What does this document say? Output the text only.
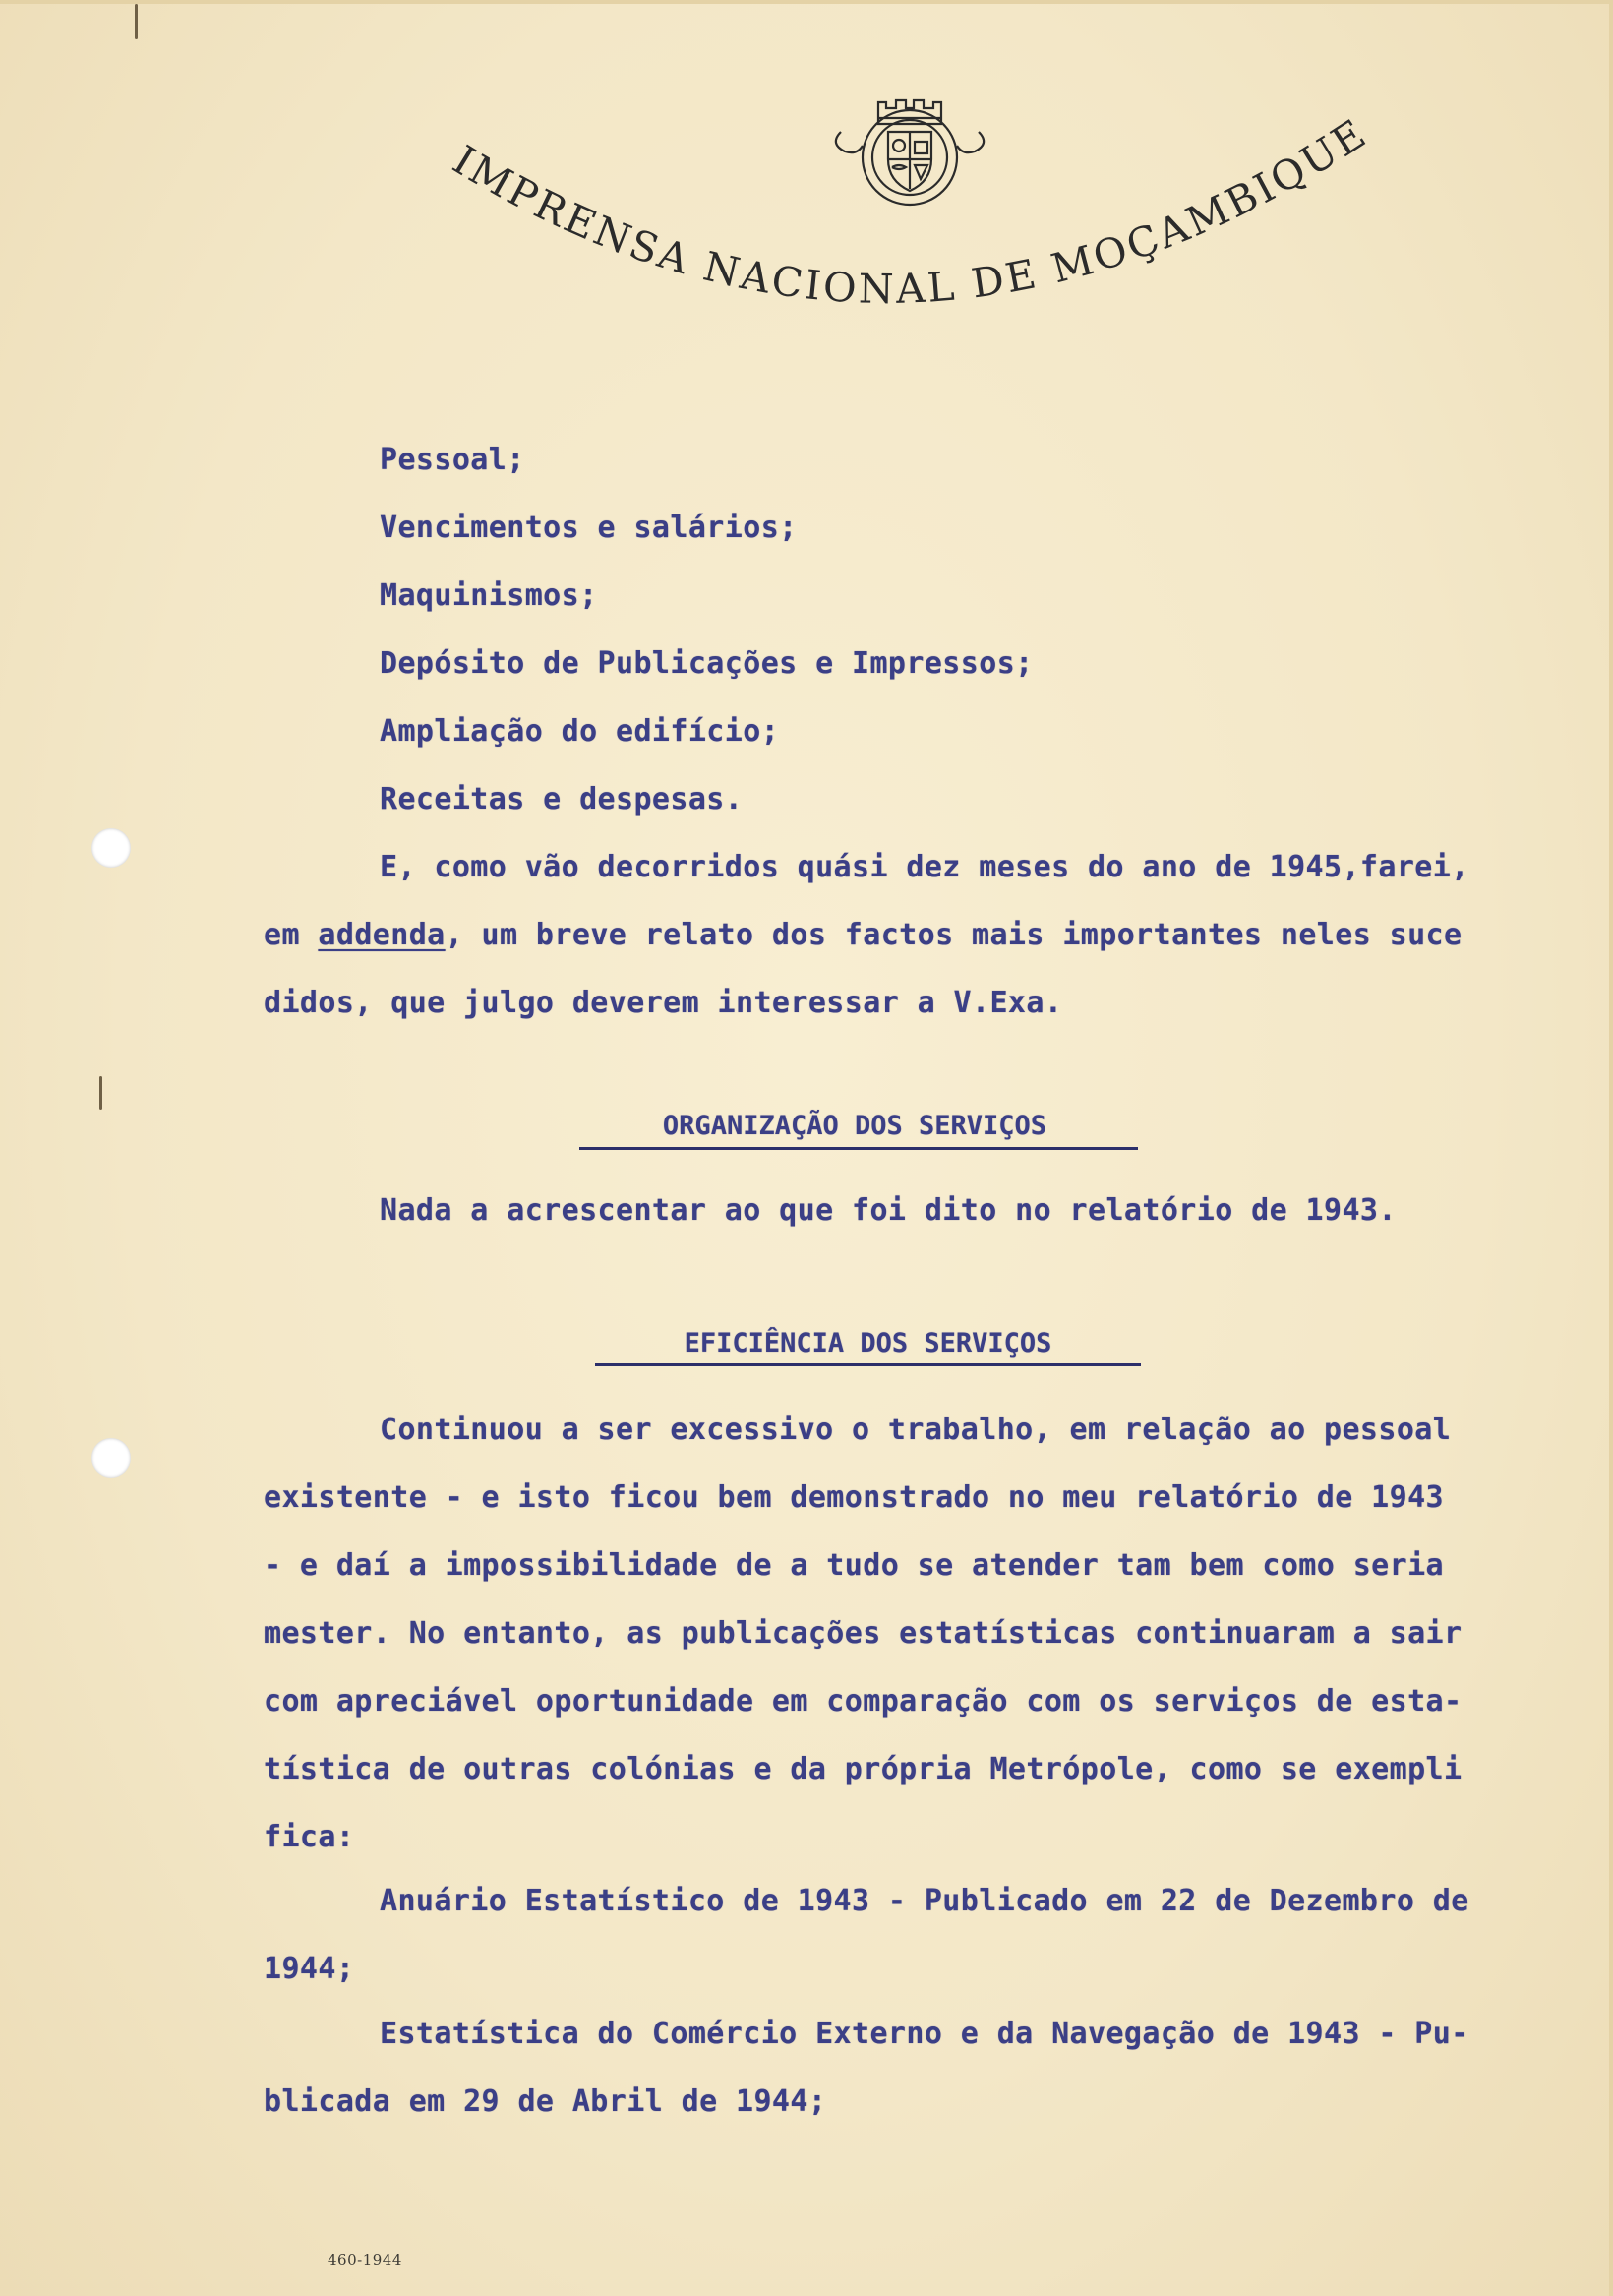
IMPRENSA NACIONAL DE MOÇAMBIQUE
Pessoal;
Vencimentos e salários;
Maquinismos;
Depósito de Publicações e Impressos;
Ampliação do edifício;
Receitas e despesas.
E, como vão decorridos quási dez meses do ano de 1945,farei,
em addenda, um breve relato dos factos mais importantes neles suce
didos, que julgo deverem interessar a V.Exa.
ORGANIZAÇÃO DOS SERVIÇOS
Nada a acrescentar ao que foi dito no relatório de 1943.
EFICIÊNCIA DOS SERVIÇOS
Continuou a ser excessivo o trabalho, em relação ao pessoal
existente - e isto ficou bem demonstrado no meu relatório de 1943
- e daí a impossibilidade de a tudo se atender tam bem como seria
mester. No entanto, as publicações estatísticas continuaram a sair
com apreciável oportunidade em comparação com os serviços de esta-
tística de outras colónias e da própria Metrópole, como se exempli
fica:
Anuário Estatístico de 1943 - Publicado em 22 de Dezembro de
1944;
Estatística do Comércio Externo e da Navegação de 1943 - Pu-
blicada em 29 de Abril de 1944;
460-1944
